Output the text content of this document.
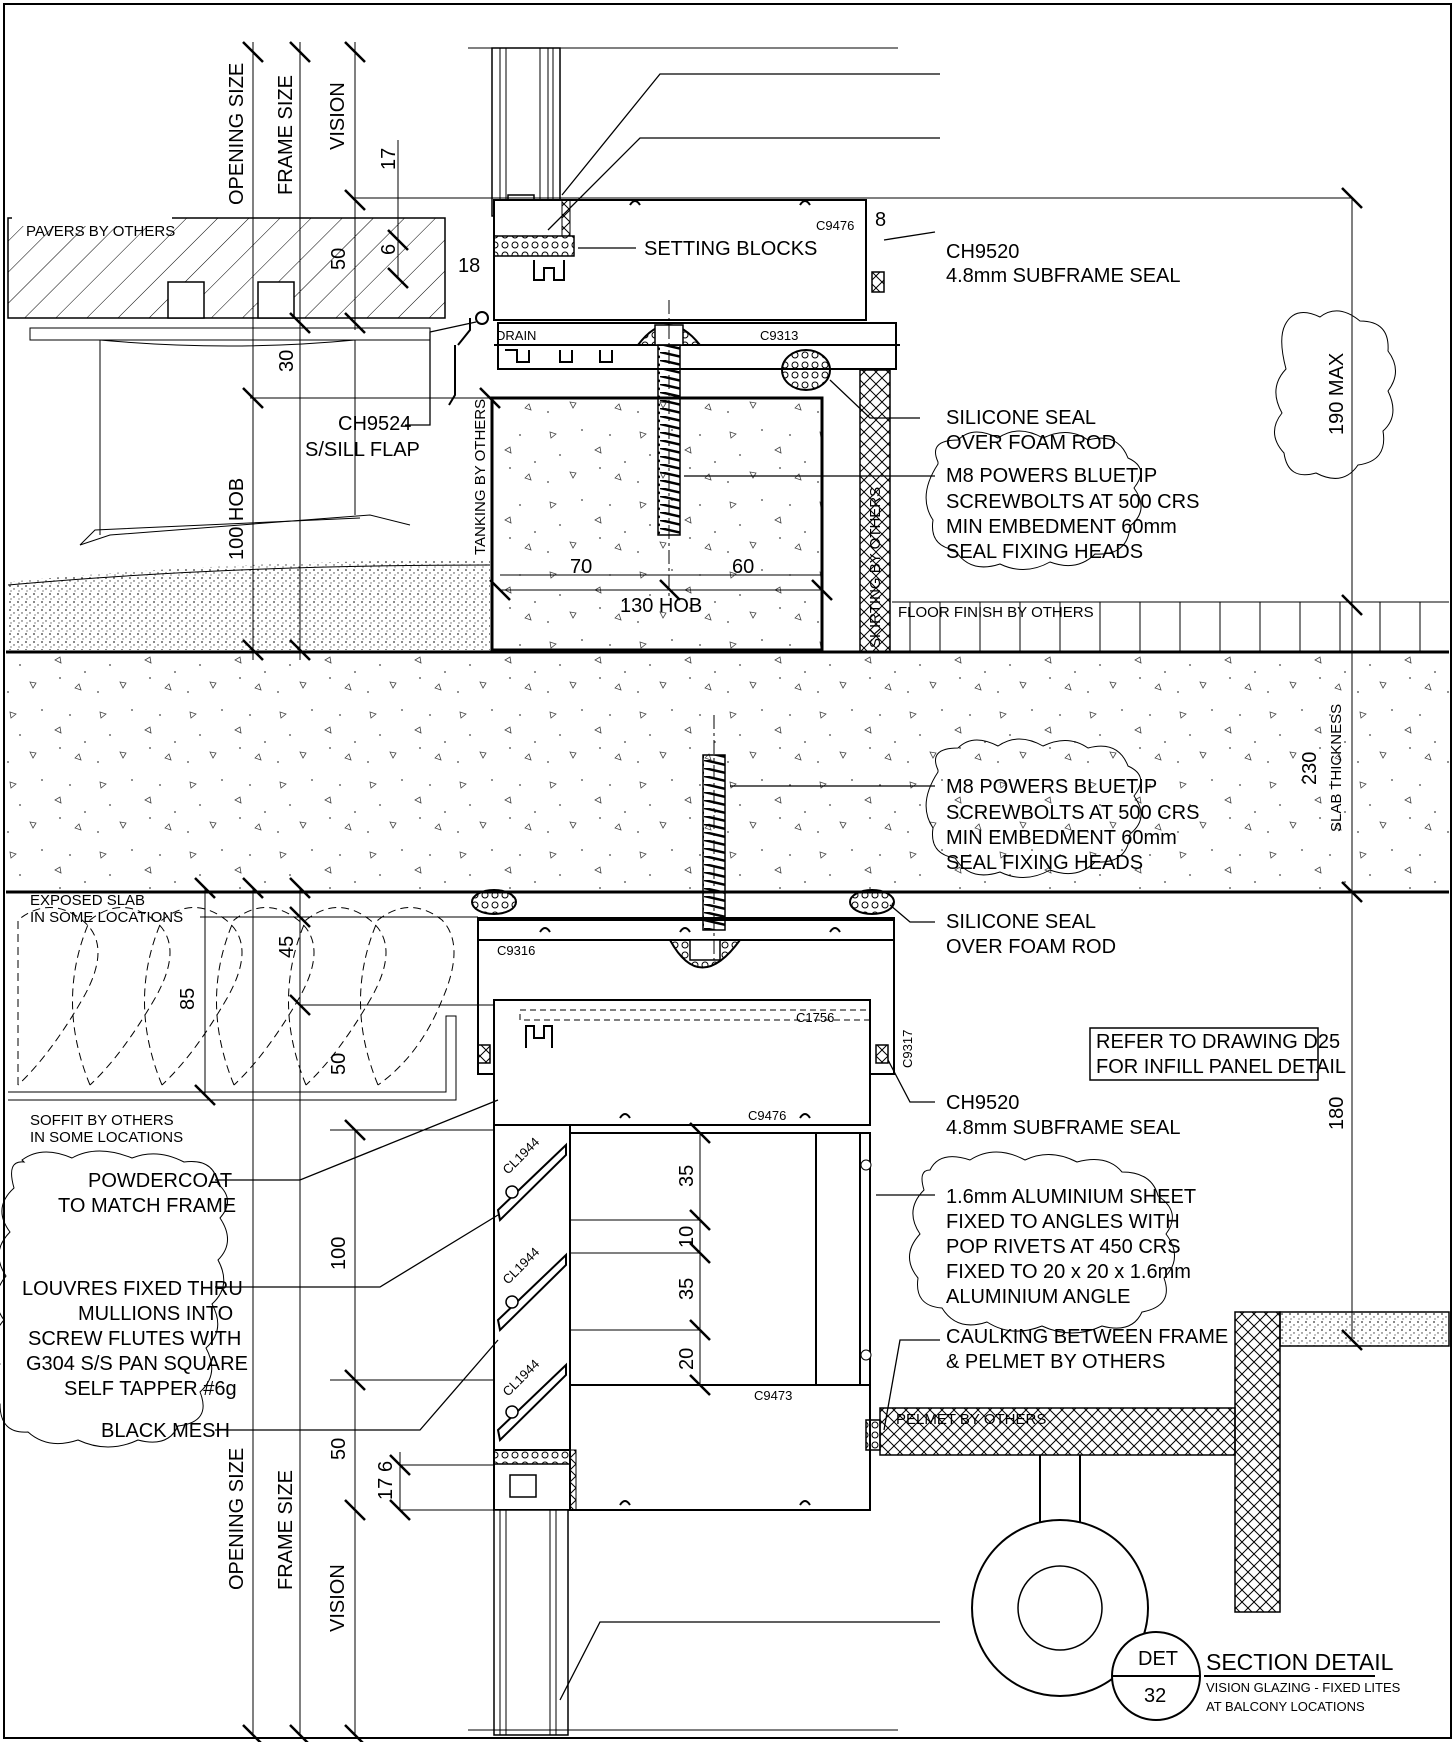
OPENING SIZE FRAME SIZE VISION
17
6
50	18
30
8
100 HOB
70	60
130 HOB
190 MAX
230 SLAB THICKNESS
45
85
50
100
180
35
10
35
20
50
6
17
OPENING SIZE FRAME SIZE
VISION
C9476
DRAIN	C9313
C9316
C1756
C9317
C9476
C9473
CL1944
CL1944
CL1944
PAVERS BY OTHERS
SETTING BLOCKS	CH9520
4.8mm SUBFRAME SEAL
CH9524
S/SILL FLAP	TANKING BY OTHERS	SILICONE SEAL
OVER FOAM ROD
M8 POWERS BLUETIP
SCREWBOLTS AT 500 CRS
MIN EMBEDMENT 60mm
SEAL FIXING HEADS
SKIRTING BY OTHERS FLOOR FINISH BY OTHERS
M8 POWERS BLUETIP
SCREWBOLTS AT 500 CRS
MIN EMBEDMENT 60mm
SEAL FIXING HEADS
EXPOSED SLAB
IN SOME LOCATIONS	SILICONE SEAL
OVER FOAM ROD
REFER TO DRAWING D25
FOR INFILL PANEL DETAIL
SOFFIT BY OTHERS
IN SOME LOCATIONS
CH9520
4.8mm SUBFRAME SEAL
POWDERCOAT
TO MATCH FRAME
LOUVRES FIXED THRU
MULLIONS INTO
SCREW FLUTES WITH
G304 S/S PAN SQUARE
SELF TAPPER #6g
BLACK MESH
1.6mm ALUMINIUM SHEET
FIXED TO ANGLES WITH
POP RIVETS AT 450 CRS
FIXED TO 20 x 20 x 1.6mm
ALUMINIUM ANGLE
CAULKING BETWEEN FRAME
& PELMET BY OTHERS
PELMET BY OTHERS
DET
32
SECTION DETAIL
VISION GLAZING - FIXED LITES
AT BALCONY LOCATIONS
